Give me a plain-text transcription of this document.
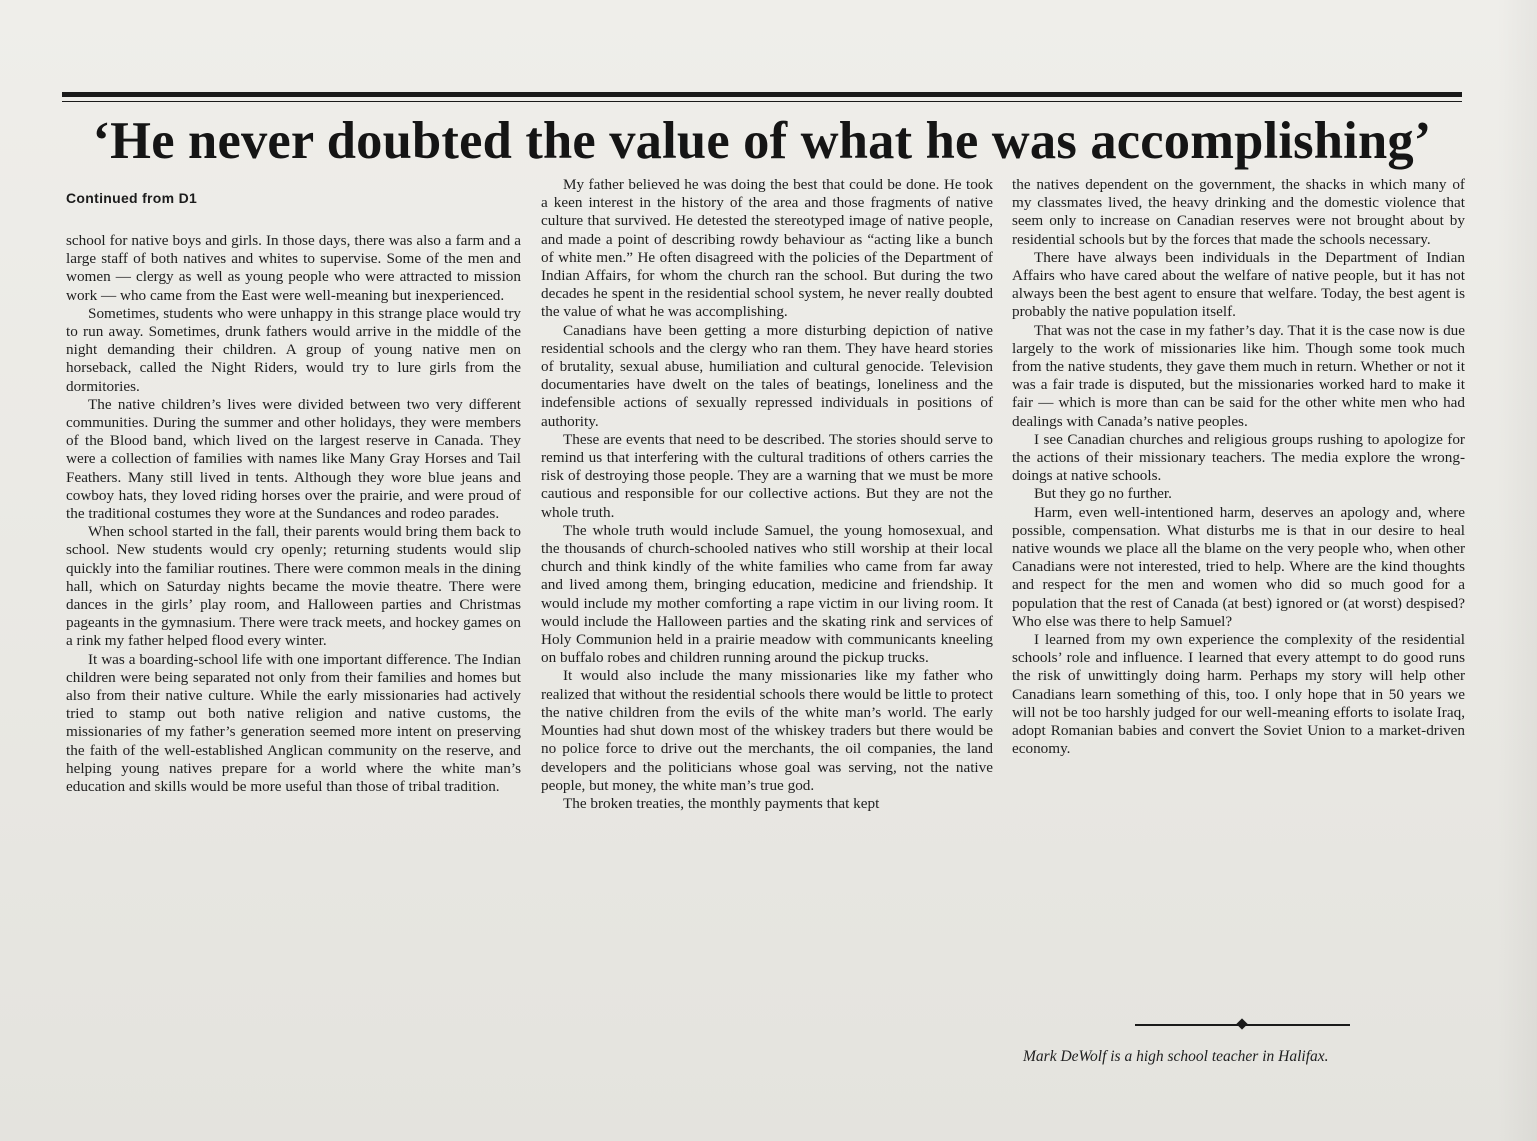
‘He never doubted the value of what he was accomplishing’
Continued from D1

school for native boys and girls. In those days, there was also a farm and a large staff of both natives and whites to supervise. Some of the men and women — clergy as well as young people who were attracted to mission work — who came from the East were well-meaning but inexperienced.

Sometimes, students who were unhappy in this strange place would try to run away. Sometimes, drunk fathers would arrive in the middle of the night demanding their children. A group of young native men on horseback, called the Night Riders, would try to lure girls from the dormitories.

The native children’s lives were divided between two very different communities. During the summer and other holidays, they were members of the Blood band, which lived on the largest reserve in Canada. They were a collection of families with names like Many Gray Horses and Tail Feathers. Many still lived in tents. Although they wore blue jeans and cowboy hats, they loved riding horses over the prairie, and were proud of the traditional costumes they wore at the Sundances and rodeo parades.

When school started in the fall, their parents would bring them back to school. New students would cry openly; returning students would slip quickly into the familiar routines. There were common meals in the dining hall, which on Saturday nights became the movie theatre. There were dances in the girls’ play room, and Halloween parties and Christmas pageants in the gymnasium. There were track meets, and hockey games on a rink my father helped flood every winter.

It was a boarding-school life with one important difference. The Indian children were being separated not only from their families and homes but also from their native culture. While the early missionaries had actively tried to stamp out both native religion and native customs, the missionaries of my father’s generation seemed more intent on preserving the faith of the well-established Anglican community on the reserve, and helping young natives prepare for a world where the white man’s education and skills would be more useful than those of tribal tradition.

My father believed he was doing the best that could be done. He took a keen interest in the history of the area and those fragments of native culture that survived. He detested the stereotyped image of native people, and made a point of describing rowdy behaviour as “acting like a bunch of white men.” He often disagreed with the policies of the Department of Indian Affairs, for whom the church ran the school. But during the two decades he spent in the residential school system, he never really doubted the value of what he was accomplishing.

Canadians have been getting a more disturbing depiction of native residential schools and the clergy who ran them. They have heard stories of brutality, sexual abuse, humiliation and cultural genocide. Television documentaries have dwelt on the tales of beatings, loneliness and the indefensible actions of sexually repressed individuals in positions of authority.

These are events that need to be described. The stories should serve to remind us that interfering with the cultural traditions of others carries the risk of destroying those people. They are a warning that we must be more cautious and responsible for our collective actions. But they are not the whole truth.

The whole truth would include Samuel, the young homosexual, and the thousands of church-schooled natives who still worship at their local church and think kindly of the white families who came from far away and lived among them, bringing education, medicine and friendship. It would include my mother comforting a rape victim in our living room. It would include the Halloween parties and the skating rink and services of Holy Communion held in a prairie meadow with communicants kneeling on buffalo robes and children running around the pickup trucks.

It would also include the many missionaries like my father who realized that without the residential schools there would be little to protect the native children from the evils of the white man’s world. The early Mounties had shut down most of the whiskey traders but there would be no police force to drive out the merchants, the oil companies, the land developers and the politicians whose goal was serving, not the native people, but money, the white man’s true god.

The broken treaties, the monthly payments that kept

the natives dependent on the government, the shacks in which many of my classmates lived, the heavy drinking and the domestic violence that seem only to increase on Canadian reserves were not brought about by residential schools but by the forces that made the schools necessary.

There have always been individuals in the Department of Indian Affairs who have cared about the welfare of native people, but it has not always been the best agent to ensure that welfare. Today, the best agent is probably the native population itself.

That was not the case in my father’s day. That it is the case now is due largely to the work of missionaries like him. Though some took much from the native students, they gave them much in return. Whether or not it was a fair trade is disputed, but the missionaries worked hard to make it fair — which is more than can be said for the other white men who had dealings with Canada’s native peoples.

I see Canadian churches and religious groups rushing to apologize for the actions of their missionary teachers. The media explore the wrong-doings at native schools.

But they go no further.

Harm, even well-intentioned harm, deserves an apology and, where possible, compensation. What disturbs me is that in our desire to heal native wounds we place all the blame on the very people who, when other Canadians were not interested, tried to help. Where are the kind thoughts and respect for the men and women who did so much good for a population that the rest of Canada (at best) ignored or (at worst) despised? Who else was there to help Samuel?

I learned from my own experience the complexity of the residential schools’ role and influence. I learned that every attempt to do good runs the risk of unwittingly doing harm. Perhaps my story will help other Canadians learn something of this, too. I only hope that in 50 years we will not be too harshly judged for our well-meaning efforts to isolate Iraq, adopt Romanian babies and convert the Soviet Union to a market-driven economy.

Mark DeWolf is a high school teacher in Halifax.
